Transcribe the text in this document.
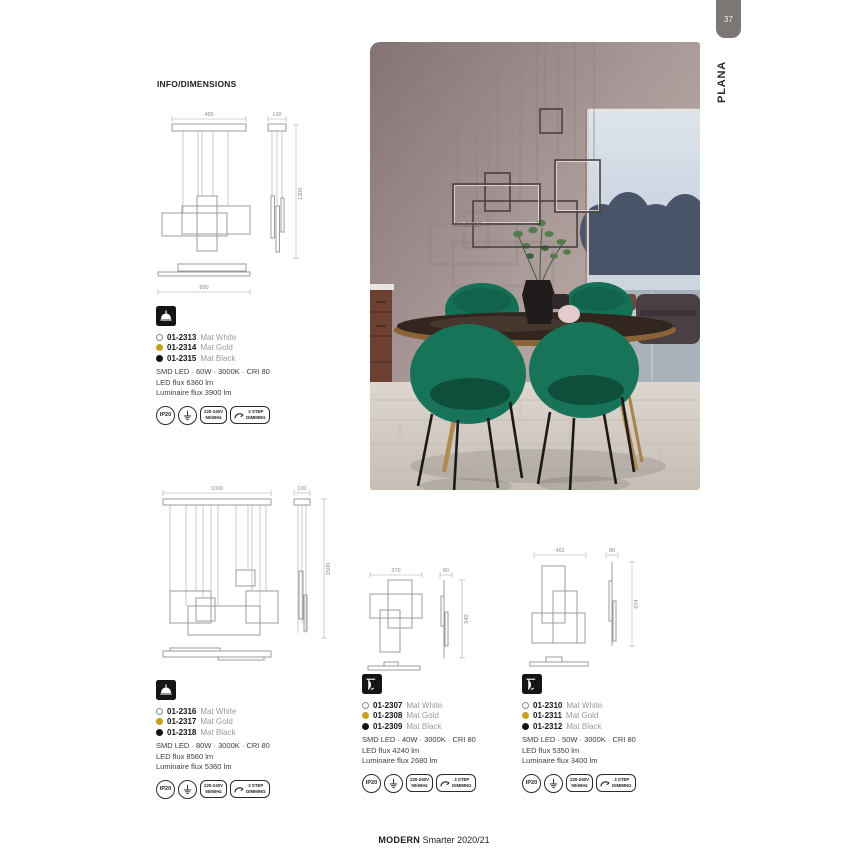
37
PLANA
INFO/DIMENSIONS
01-2318
455	130
1300
800
1000	100
1500	370	80
540
462	80
674
01-2313 Mat White
01-2314 Mat Gold
01-2315 Mat Black
SMD LED · 60W · 3000K · CRI 80
LED flux 6360 lm
Luminaire flux 3900 lm
IP20
220-240V
50/60Hz
3 STEP
DIMMING
01-2316 Mat White
01-2317 Mat Gold
01-2318 Mat Black
SMD LED · 80W · 3000K · CRI 80
LED flux 8560 lm
Luminaire flux 5360 lm
IP20
220-240V
50/60Hz
3 STEP
DIMMING
01-2307 Mat White
01-2308 Mat Gold
01-2309 Mat Black
SMD LED · 40W · 3000K · CRI 80
LED flux 4240 lm
Luminaire flux 2680 lm
IP20
220-240V
50/60Hz
3 STEP
DIMMING
01-2310 Mat White
01-2311 Mat Gold
01-2312 Mat Black
SMD LED · 50W · 3000K · CRI 80
LED flux 5350 lm
Luminaire flux 3400 lm
IP20
220-240V
50/60Hz
3 STEP
DIMMING
MODERN Smarter 2020/21
